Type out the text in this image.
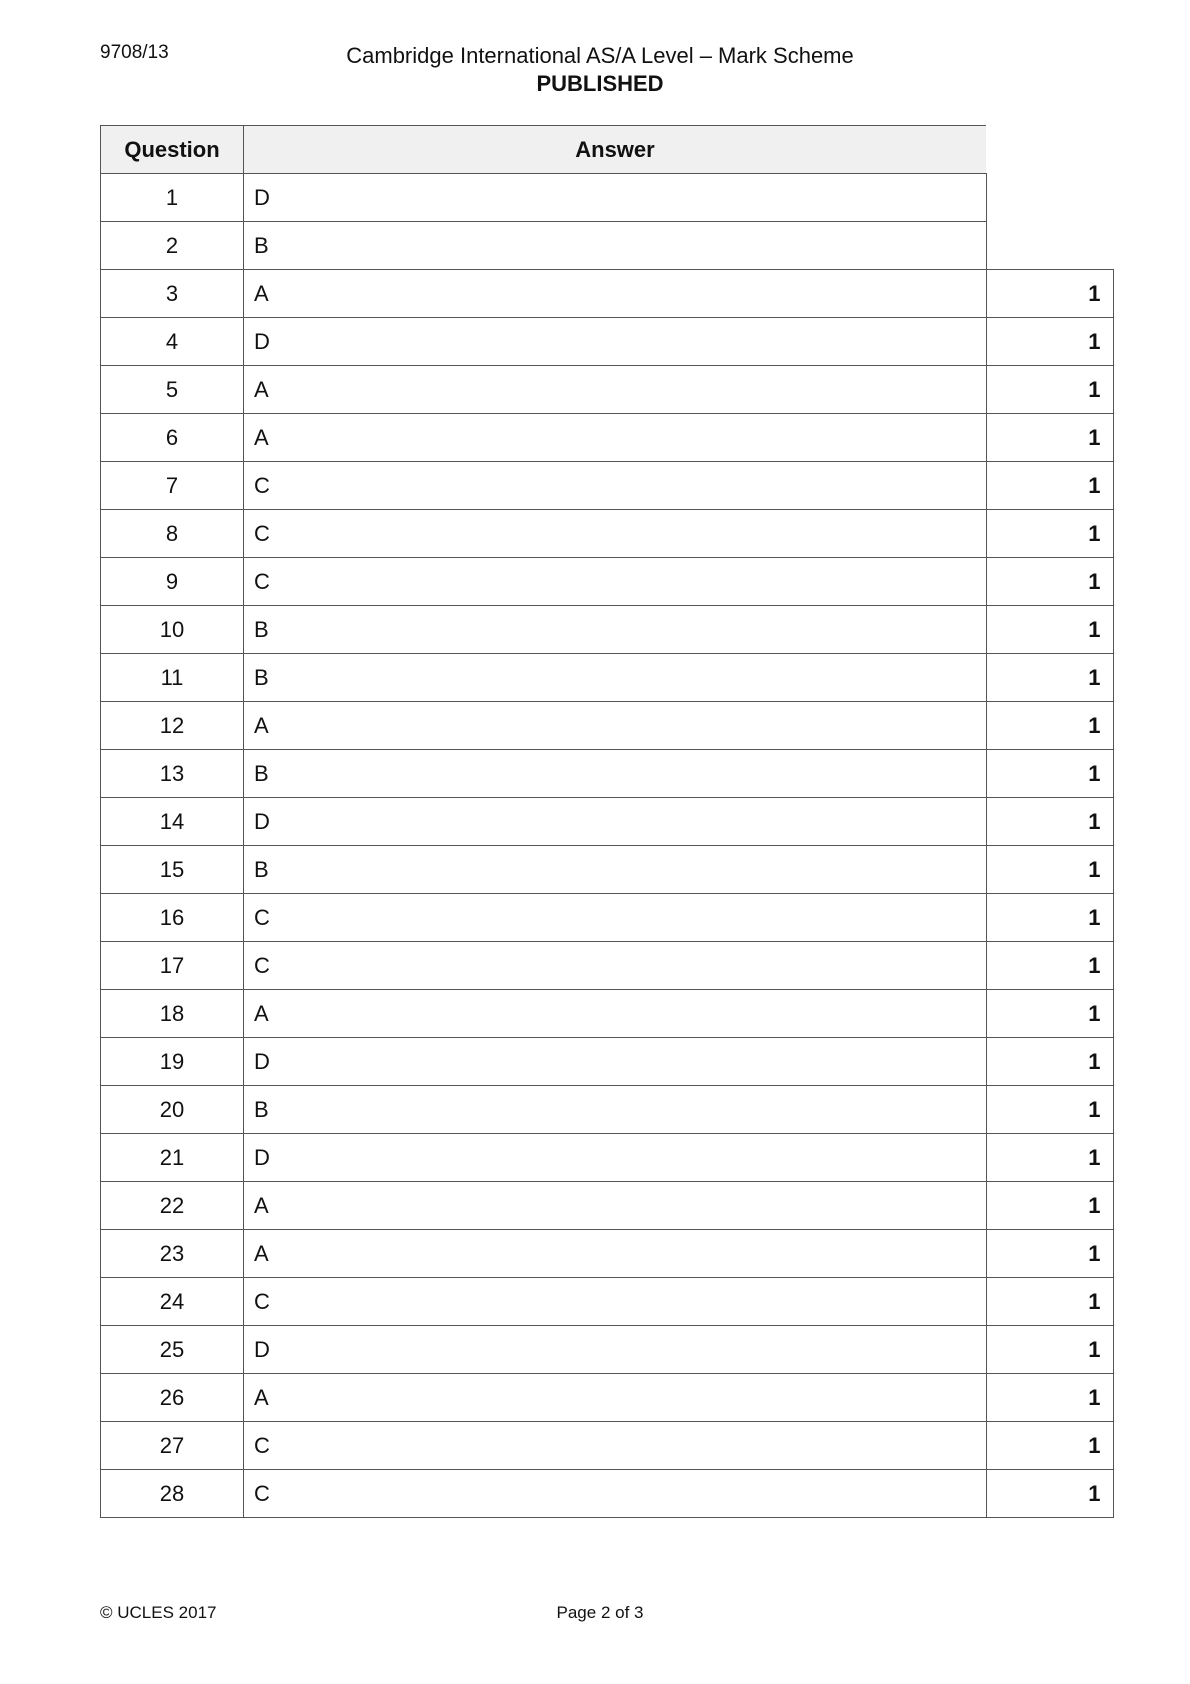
9708/13	Cambridge International AS/A Level – Mark Scheme
PUBLISHED
Question	Answer	
1	D	
2	B	
3	A	1
4	D	1
5	A	1
6	A	1
7	C	1
8	C	1
9	C	1
10	B	1
11	B	1
12	A	1
13	B	1
14	D	1
15	B	1
16	C	1
17	C	1
18	A	1
19	D	1
20	B	1
21	D	1
22	A	1
23	A	1
24	C	1
25	D	1
26	A	1
27	C	1
28	C	1
© UCLES 2017	Page 2 of 3
